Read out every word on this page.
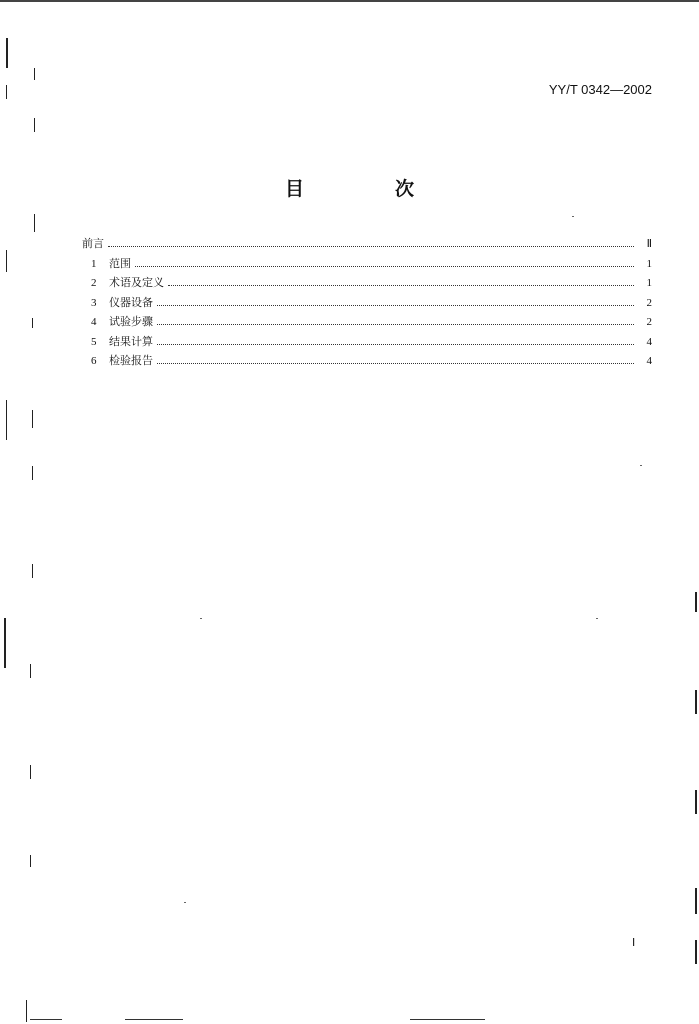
YY/T 0342—2002
目　次
前言	Ⅱ
1	范围	1
2	术语及定义	1
3	仪器设备	2
4	试验步骤	2
5	结果计算	4
6	检验报告	4
Ⅰ
